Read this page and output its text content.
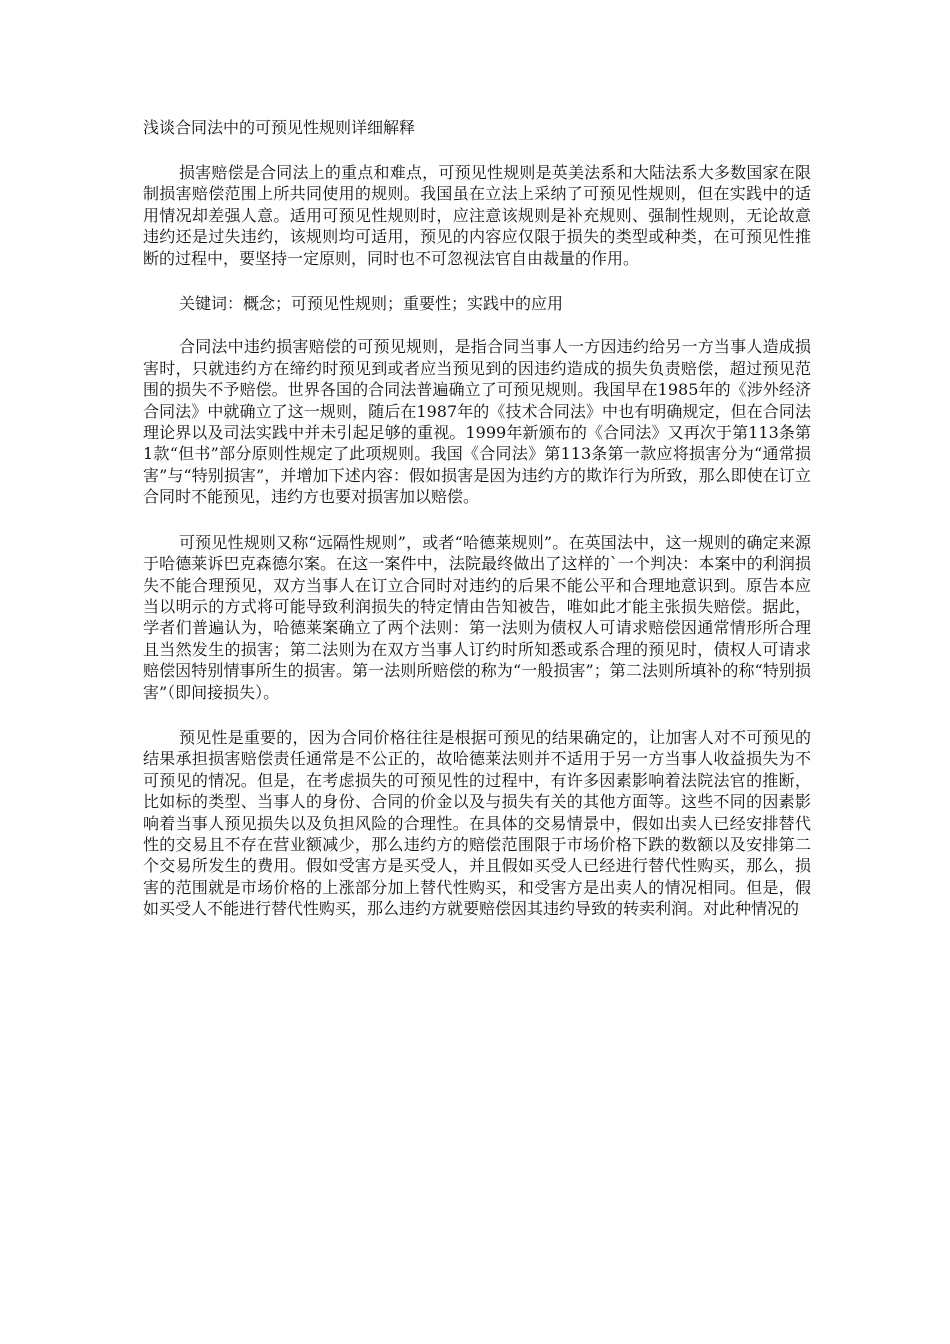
浅谈合同法中的可预见性规则详细解释

损害赔偿是合同法上的重点和难点，可预见性规则是英美法系和大陆法系大多数国家在限制损害赔偿范围上所共同使用的规则。我国虽在立法上采纳了可预见性规则，但在实践中的适用情况却差强人意。适用可预见性规则时，应注意该规则是补充规则、强制性规则，无论故意违约还是过失违约，该规则均可适用，预见的内容应仅限于损失的类型或种类，在可预见性推断的过程中，要坚持一定原则，同时也不可忽视法官自由裁量的作用。

关键词：概念；可预见性规则；重要性；实践中的应用

合同法中违约损害赔偿的可预见规则，是指合同当事人一方因违约给另一方当事人造成损害时，只就违约方在缔约时预见到或者应当预见到的因违约造成的损失负责赔偿，超过预见范围的损失不予赔偿。世界各国的合同法普遍确立了可预见规则。我国早在1985年的《涉外经济合同法》中就确立了这一规则，随后在1987年的《技术合同法》中也有明确规定，但在合同法理论界以及司法实践中并未引起足够的重视。1999年新颁布的《合同法》又再次于第113条第1款“但书”部分原则性规定了此项规则。我国《合同法》第113条第一款应将损害分为“通常损害”与“特别损害”，并增加下述内容：假如损害是因为违约方的欺诈行为所致，那么即使在订立合同时不能预见，违约方也要对损害加以赔偿。

可预见性规则又称“远隔性规则”，或者“哈德莱规则”。在英国法中，这一规则的确定来源于哈德莱诉巴克森德尔案。在这一案件中，法院最终做出了这样的`一个判决：本案中的利润损失不能合理预见，双方当事人在订立合同时对违约的后果不能公平和合理地意识到。原告本应当以明示的方式将可能导致利润损失的特定情由告知被告，唯如此才能主张损失赔偿。据此，学者们普遍认为，哈德莱案确立了两个法则：第一法则为债权人可请求赔偿因通常情形所合理且当然发生的损害；第二法则为在双方当事人订约时所知悉或系合理的预见时，债权人可请求赔偿因特别情事所生的损害。第一法则所赔偿的称为“一般损害”；第二法则所填补的称“特别损害”（即间接损失）。

预见性是重要的，因为合同价格往往是根据可预见的结果确定的，让加害人对不可预见的结果承担损害赔偿责任通常是不公正的，故哈德莱法则并不适用于另一方当事人收益损失为不可预见的情况。但是，在考虑损失的可预见性的过程中，有许多因素影响着法院法官的推断，比如标的类型、当事人的身份、合同的价金以及与损失有关的其他方面等。这些不同的因素影响着当事人预见损失以及负担风险的合理性。在具体的交易情景中，假如出卖人已经安排替代性的交易且不存在营业额减少，那么违约方的赔偿范围限于市场价格下跌的数额以及安排第二个交易所发生的费用。假如受害方是买受人，并且假如买受人已经进行替代性购买，那么，损害的范围就是市场价格的上涨部分加上替代性购买，和受害方是出卖人的情况相同。但是，假如买受人不能进行替代性购买，那么违约方就要赔偿因其违约导致的转卖利润。对此种情况的
